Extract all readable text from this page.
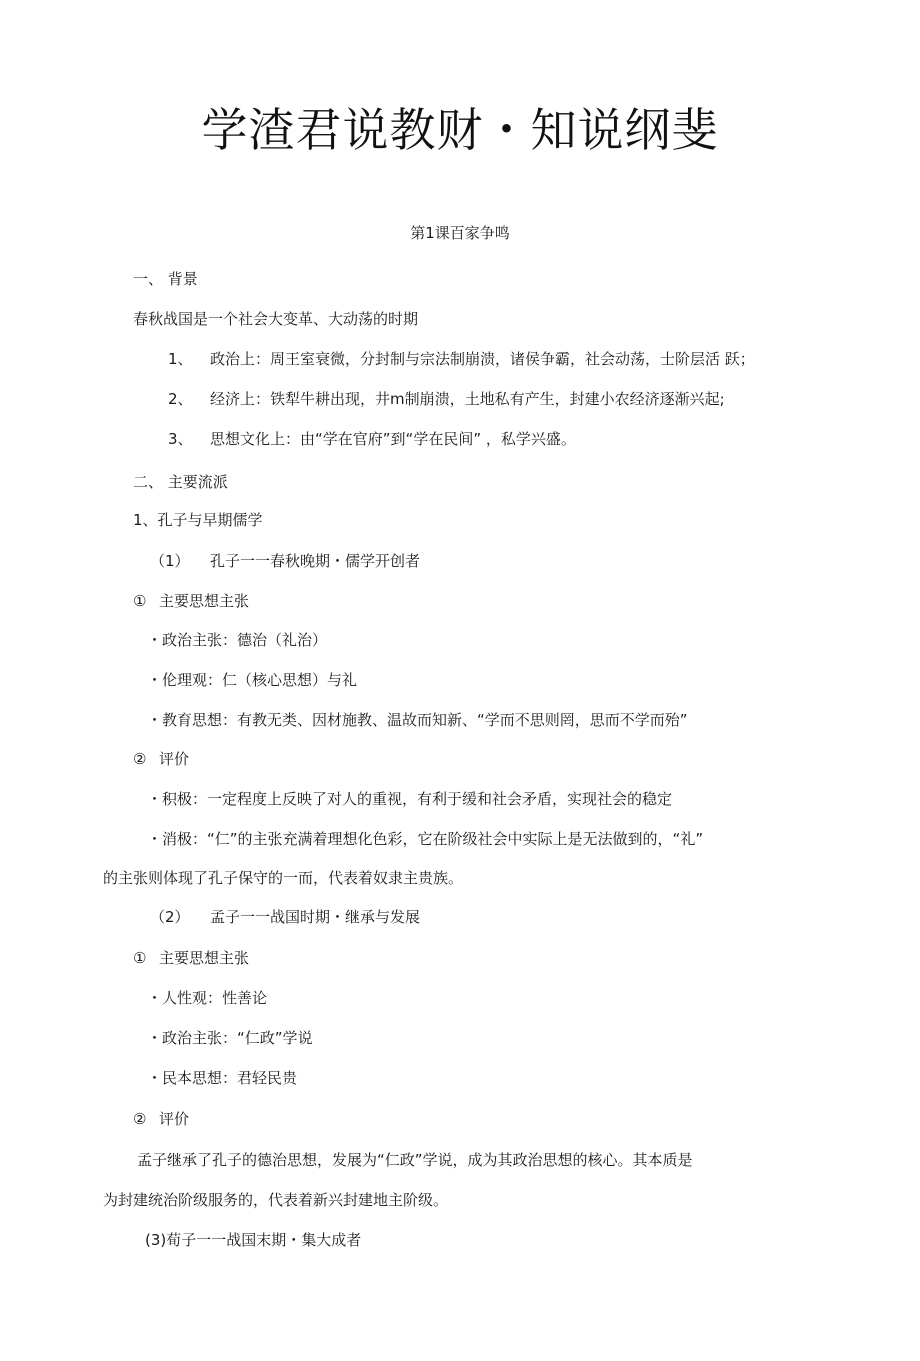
学渣君说教财・知说纲斐
第1课百家争鸣
一、 背景
春秋战国是一个社会大变革、大动荡的时期
1、 政治上：周王室衰微，分封制与宗法制崩溃，诸侯争霸，社会动荡，士阶层活 跃；
2、 经济上：铁犁牛耕出现，井m制崩溃，土地私有产生，封建小农经济逐渐兴起;
3、 思想文化上：由“学在官府”到“学在民间” ，私学兴盛。
二、 主要流派
1、孔子与早期儒学
（1） 孔子一一春秋晚期・儒学开创者
① 主要思想主张
・政治主张：德治（礼治）
・伦理观：仁（核心思想）与礼
・教育思想：有教无类、因材施教、温故而知新、“学而不思则罔，思而不学而殆”
② 评价
・积极：一定程度上反映了对人的重视，有利于缓和社会矛盾，实现社会的稳定
・消极：“仁”的主张充满着理想化色彩，它在阶级社会中实际上是无法做到的，“礼”
的主张则体现了孔子保守的一而，代表着奴隶主贵族。
（2） 孟子一一战国时期・继承与发展
① 主要思想主张
・人性观：性善论
・政治主张：“仁政”学说
・民本思想：君轻民贵
② 评价
孟子继承了孔子的德治思想，发展为“仁政”学说，成为其政治思想的核心。其本质是
为封建统治阶级服务的，代表着新兴封建地主阶级。
(3)荀子一一战国末期・集大成者
